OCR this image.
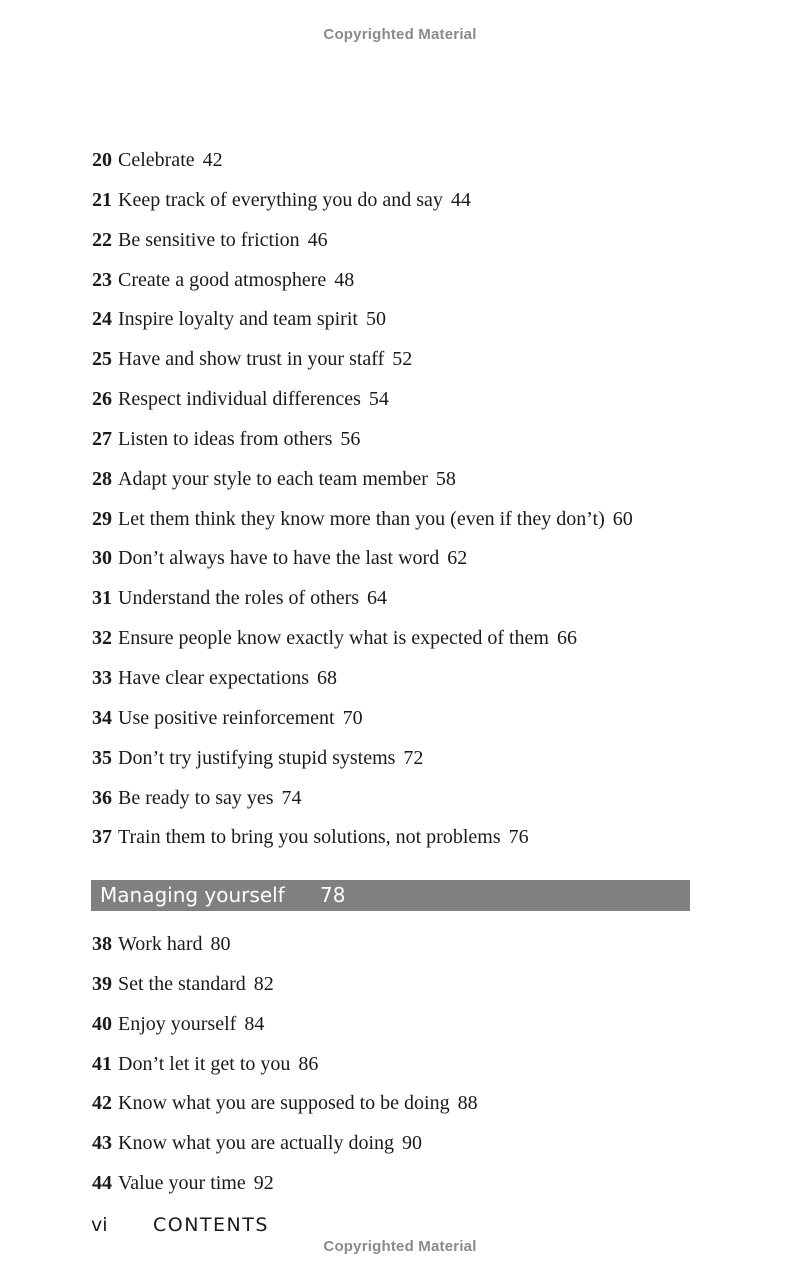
Copyrighted Material
20 Celebrate 42
21 Keep track of everything you do and say 44
22 Be sensitive to friction 46
23 Create a good atmosphere 48
24 Inspire loyalty and team spirit 50
25 Have and show trust in your staff 52
26 Respect individual differences 54
27 Listen to ideas from others 56
28 Adapt your style to each team member 58
29 Let them think they know more than you (even if they don’t) 60
30 Don’t always have to have the last word 62
31 Understand the roles of others 64
32 Ensure people know exactly what is expected of them 66
33 Have clear expectations 68
34 Use positive reinforcement 70
35 Don’t try justifying stupid systems 72
36 Be ready to say yes 74
37 Train them to bring you solutions, not problems 76
Managing yourself 78
38 Work hard 80
39 Set the standard 82
40 Enjoy yourself 84
41 Don’t let it get to you 86
42 Know what you are supposed to be doing 88
43 Know what you are actually doing 90
44 Value your time 92
vi CONTENTS
Copyrighted Material
